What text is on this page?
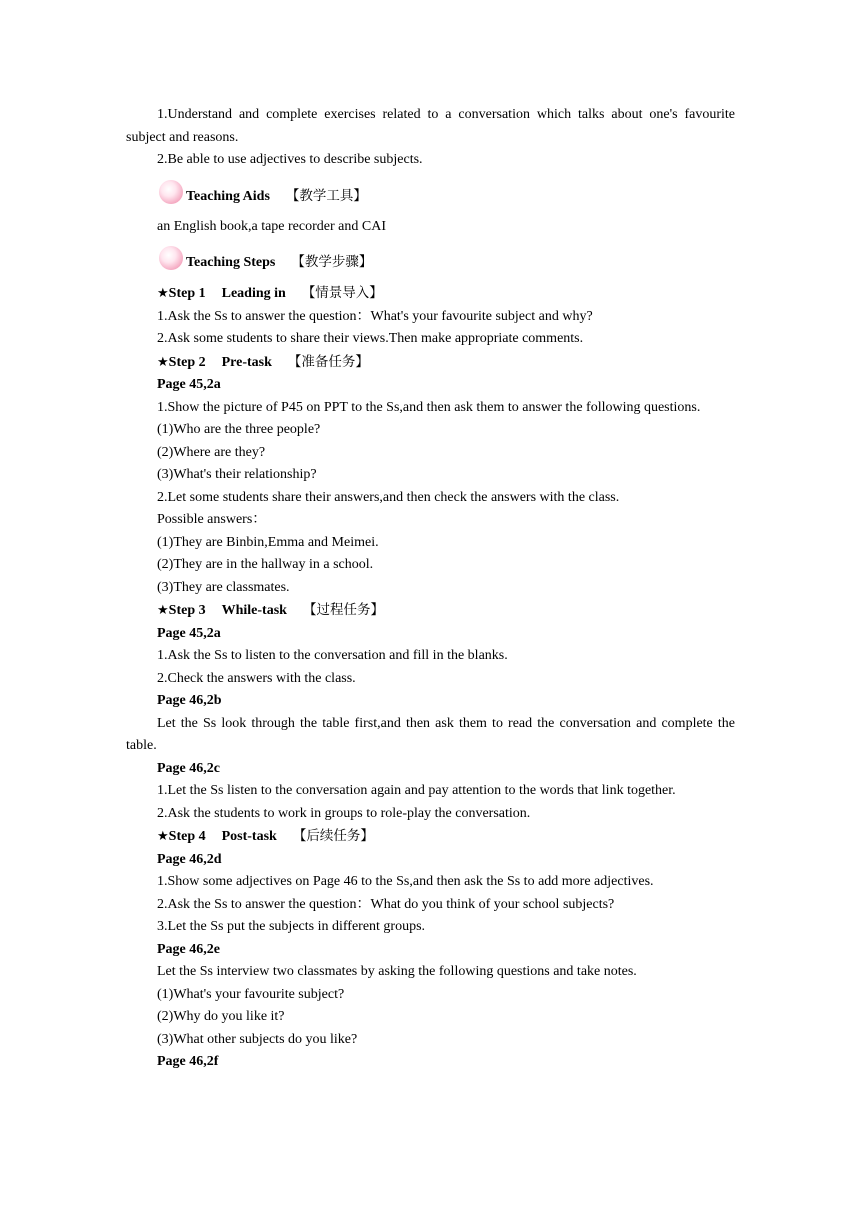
1.Understand and complete exercises related to a conversation which talks about one's favourite subject and reasons.

2.Be able to use adjectives to describe subjects.

Teaching Aids 【教学工具】

an English book,a tape recorder and CAI

Teaching Steps 【教学步骤】

★Step 1 Leading in 【情景导入】

1.Ask the Ss to answer the question：What's your favourite subject and why?

2.Ask some students to share their views.Then make appropriate comments.

★Step 2 Pre-task 【准备任务】

Page 45,2a

1.Show the picture of P45 on PPT to the Ss,and then ask them to answer the following questions.

(1)Who are the three people?

(2)Where are they?

(3)What's their relationship?

2.Let some students share their answers,and then check the answers with the class.

Possible answers：

(1)They are Binbin,Emma and Meimei.

(2)They are in the hallway in a school.

(3)They are classmates.

★Step 3 While-task 【过程任务】

Page 45,2a

1.Ask the Ss to listen to the conversation and fill in the blanks.

2.Check the answers with the class.

Page 46,2b

Let the Ss look through the table first,and then ask them to read the conversation and complete the table.

Page 46,2c

1.Let the Ss listen to the conversation again and pay attention to the words that link together.

2.Ask the students to work in groups to role‐play the conversation.

★Step 4 Post-task 【后续任务】

Page 46,2d

1.Show some adjectives on Page 46 to the Ss,and then ask the Ss to add more adjectives.

2.Ask the Ss to answer the question：What do you think of your school subjects?

3.Let the Ss put the subjects in different groups.

Page 46,2e

Let the Ss interview two classmates by asking the following questions and take notes.

(1)What's your favourite subject?

(2)Why do you like it?

(3)What other subjects do you like?

Page 46,2f
